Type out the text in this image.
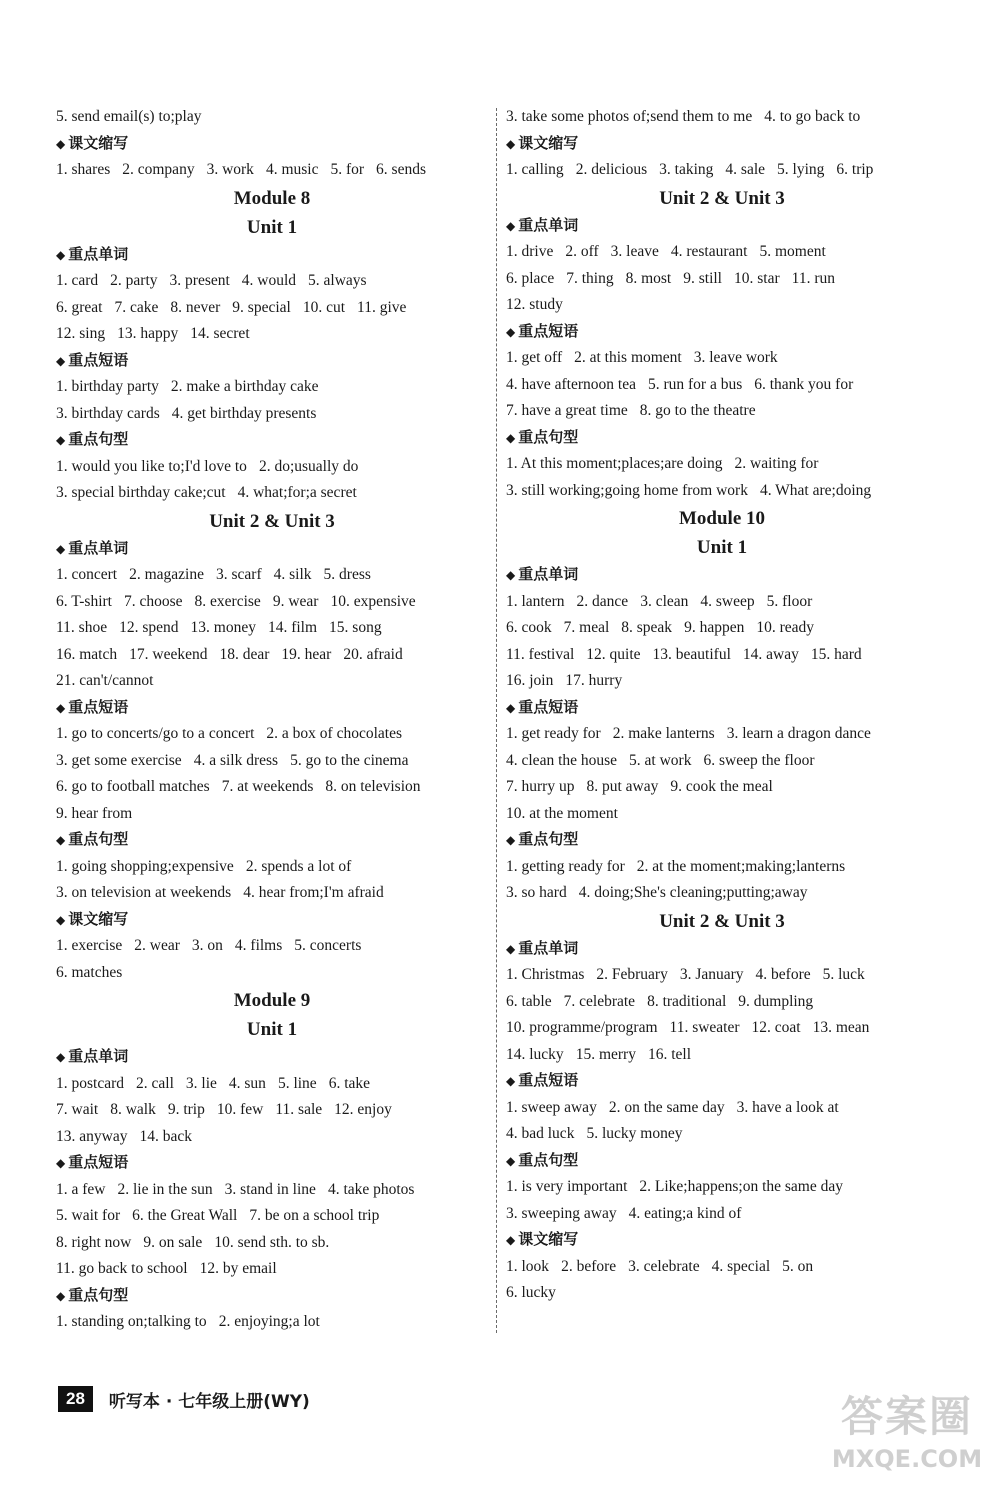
5. send email(s) to;play
◆ 课文缩写
1. shares 2. company 3. work 4. music 5. for 6. sends
Module 8
Unit 1
◆ 重点单词
1. card 2. party 3. present 4. would 5. always
6. great 7. cake 8. never 9. special 10. cut 11. give
12. sing 13. happy 14. secret
◆ 重点短语
1. birthday party 2. make a birthday cake
3. birthday cards 4. get birthday presents
◆ 重点句型
1. would you like to;I'd love to 2. do;usually do
3. special birthday cake;cut 4. what;for;a secret
Unit 2 & Unit 3
◆ 重点单词
1. concert 2. magazine 3. scarf 4. silk 5. dress
6. T-shirt 7. choose 8. exercise 9. wear 10. expensive
11. shoe 12. spend 13. money 14. film 15. song
16. match 17. weekend 18. dear 19. hear 20. afraid
21. can't/cannot
◆ 重点短语
1. go to concerts/go to a concert 2. a box of chocolates
3. get some exercise 4. a silk dress 5. go to the cinema
6. go to football matches 7. at weekends 8. on television
9. hear from
◆ 重点句型
1. going shopping;expensive 2. spends a lot of
3. on television at weekends 4. hear from;I'm afraid
◆ 课文缩写
1. exercise 2. wear 3. on 4. films 5. concerts
6. matches
Module 9
Unit 1
◆ 重点单词
1. postcard 2. call 3. lie 4. sun 5. line 6. take
7. wait 8. walk 9. trip 10. few 11. sale 12. enjoy
13. anyway 14. back
◆ 重点短语
1. a few 2. lie in the sun 3. stand in line 4. take photos
5. wait for 6. the Great Wall 7. be on a school trip
8. right now 9. on sale 10. send sth. to sb.
11. go back to school 12. by email
◆ 重点句型
1. standing on;talking to 2. enjoying;a lot
3. take some photos of;send them to me 4. to go back to
◆ 课文缩写
1. calling 2. delicious 3. taking 4. sale 5. lying 6. trip
Unit 2 & Unit 3
◆ 重点单词
1. drive 2. off 3. leave 4. restaurant 5. moment
6. place 7. thing 8. most 9. still 10. star 11. run
12. study
◆ 重点短语
1. get off 2. at this moment 3. leave work
4. have afternoon tea 5. run for a bus 6. thank you for
7. have a great time 8. go to the theatre
◆ 重点句型
1. At this moment;places;are doing 2. waiting for
3. still working;going home from work 4. What are;doing
Module 10
Unit 1
◆ 重点单词
1. lantern 2. dance 3. clean 4. sweep 5. floor
6. cook 7. meal 8. speak 9. happen 10. ready
11. festival 12. quite 13. beautiful 14. away 15. hard
16. join 17. hurry
◆ 重点短语
1. get ready for 2. make lanterns 3. learn a dragon dance
4. clean the house 5. at work 6. sweep the floor
7. hurry up 8. put away 9. cook the meal
10. at the moment
◆ 重点句型
1. getting ready for 2. at the moment;making;lanterns
3. so hard 4. doing;She's cleaning;putting;away
Unit 2 & Unit 3
◆ 重点单词
1. Christmas 2. February 3. January 4. before 5. luck
6. table 7. celebrate 8. traditional 9. dumpling
10. programme/program 11. sweater 12. coat 13. mean
14. lucky 15. merry 16. tell
◆ 重点短语
1. sweep away 2. on the same day 3. have a look at
4. bad luck 5. lucky money
◆ 重点句型
1. is very important 2. Like;happens;on the same day
3. sweeping away 4. eating;a kind of
◆ 课文缩写
1. look 2. before 3. celebrate 4. special 5. on
6. lucky
28	听写本 · 七年级上册(WY)	答案圈
MXQE.COM
